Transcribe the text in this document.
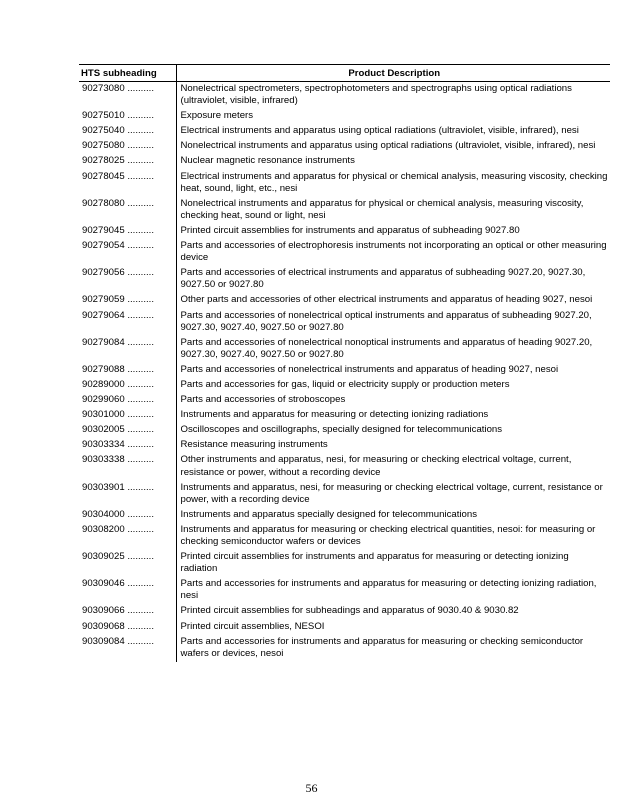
HTS subheading	Product Description
90273080 ..........	Nonelectrical spectrometers, spectrophotometers and spectrographs using optical radiations (ultraviolet, visible, infrared)
90275010 ..........	Exposure meters
90275040 ..........	Electrical instruments and apparatus using optical radiations (ultraviolet, visible, infrared), nesi
90275080 ..........	Nonelectrical instruments and apparatus using optical radiations (ultraviolet, visible, infrared), nesi
90278025 ..........	Nuclear magnetic resonance instruments
90278045 ..........	Electrical instruments and apparatus for physical or chemical analysis, measuring viscosity, checking heat, sound, light, etc., nesi
90278080 ..........	Nonelectrical instruments and apparatus for physical or chemical analysis, measuring viscosity, checking heat, sound or light, nesi
90279045 ..........	Printed circuit assemblies for instruments and apparatus of subheading 9027.80
90279054 ..........	Parts and accessories of electrophoresis instruments not incorporating an optical or other measuring device
90279056 ..........	Parts and accessories of electrical instruments and apparatus of subheading 9027.20, 9027.30, 9027.50 or 9027.80
90279059 ..........	Other parts and accessories of other electrical instruments and apparatus of heading 9027, nesoi
90279064 ..........	Parts and accessories of nonelectrical optical instruments and apparatus of subheading 9027.20, 9027.30, 9027.40, 9027.50 or 9027.80
90279084 ..........	Parts and accessories of nonelectrical nonoptical instruments and apparatus of heading 9027.20, 9027.30, 9027.40, 9027.50 or 9027.80
90279088 ..........	Parts and accessories of nonelectrical instruments and apparatus of heading 9027, nesoi
90289000 ..........	Parts and accessories for gas, liquid or electricity supply or production meters
90299060 ..........	Parts and accessories of stroboscopes
90301000 ..........	Instruments and apparatus for measuring or detecting ionizing radiations
90302005 ..........	Oscilloscopes and oscillographs, specially designed for telecommunications
90303334 ..........	Resistance measuring instruments
90303338 ..........	Other instruments and apparatus, nesi, for measuring or checking electrical voltage, current, resistance or power, without a recording device
90303901 ..........	Instruments and apparatus, nesi, for measuring or checking electrical voltage, current, resistance or power, with a recording device
90304000 ..........	Instruments and apparatus specially designed for telecommunications
90308200 ..........	Instruments and apparatus for measuring or checking electrical quantities, nesoi: for measuring or checking semiconductor wafers or devices
90309025 ..........	Printed circuit assemblies for instruments and apparatus for measuring or detecting ionizing radiation
90309046 ..........	Parts and accessories for instruments and apparatus for measuring or detecting ionizing radiation, nesi
90309066 ..........	Printed circuit assemblies for subheadings and apparatus of 9030.40 & 9030.82
90309068 ..........	Printed circuit assemblies, NESOI
90309084 ..........	Parts and accessories for instruments and apparatus for measuring or checking semiconductor wafers or devices, nesoi
56
